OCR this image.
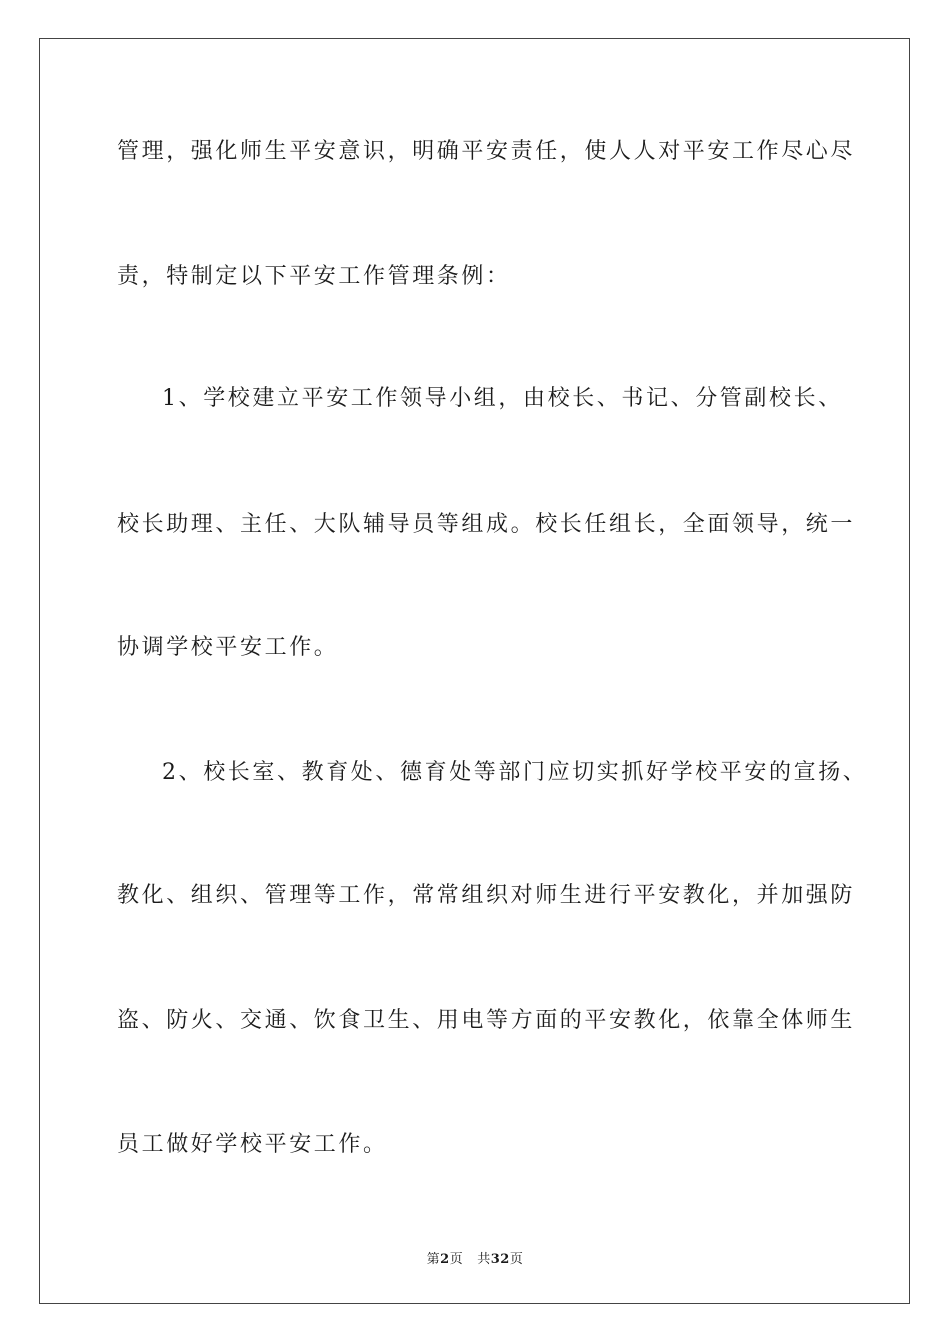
管理，强化师生平安意识，明确平安责任，使人人对平安工作尽心尽
责，特制定以下平安工作管理条例：
1、学校建立平安工作领导小组，由校长、书记、分管副校长、
校长助理、主任、大队辅导员等组成。校长任组长，全面领导，统一
协调学校平安工作。
2、校长室、教育处、德育处等部门应切实抓好学校平安的宣扬、
教化、组织、管理等工作，常常组织对师生进行平安教化，并加强防
盗、防火、交通、饮食卫生、用电等方面的平安教化，依靠全体师生
员工做好学校平安工作。
第2页 共32页
